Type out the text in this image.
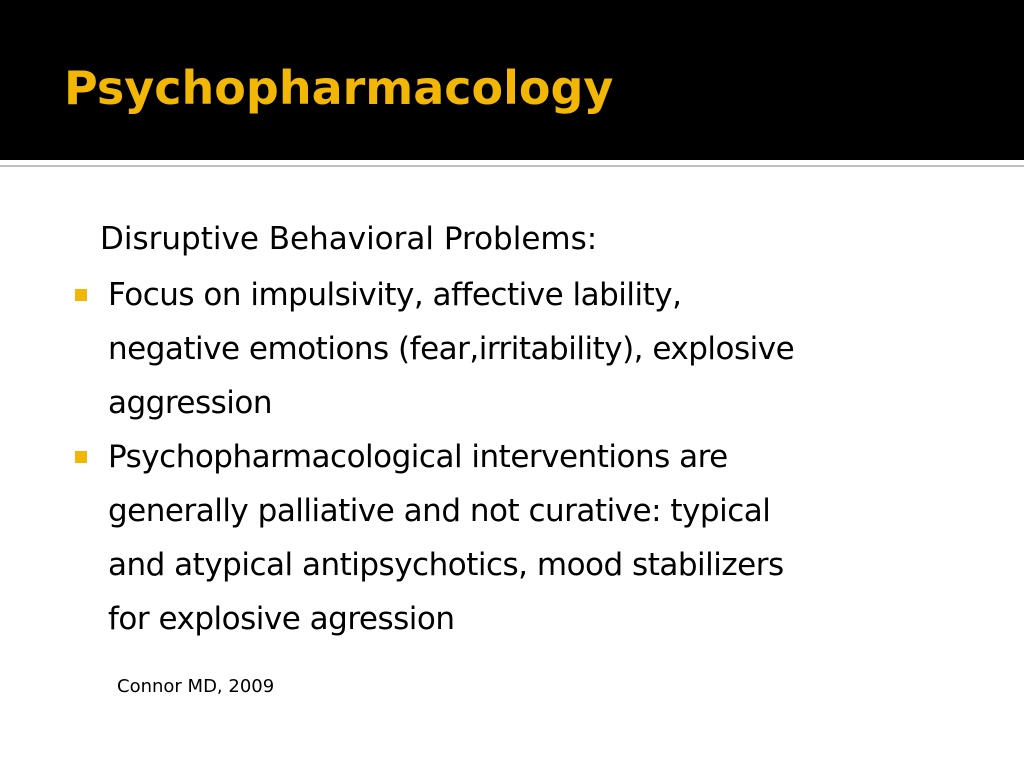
Psychopharmacology

Disruptive Behavioral Problems:

Focus on impulsivity, affective lability,
negative emotions (fear,irritability), explosive
aggression
Psychopharmacological interventions are
generally palliative and not curative: typical
and atypical antipsychotics, mood stabilizers
for explosive agression

Connor MD, 2009
